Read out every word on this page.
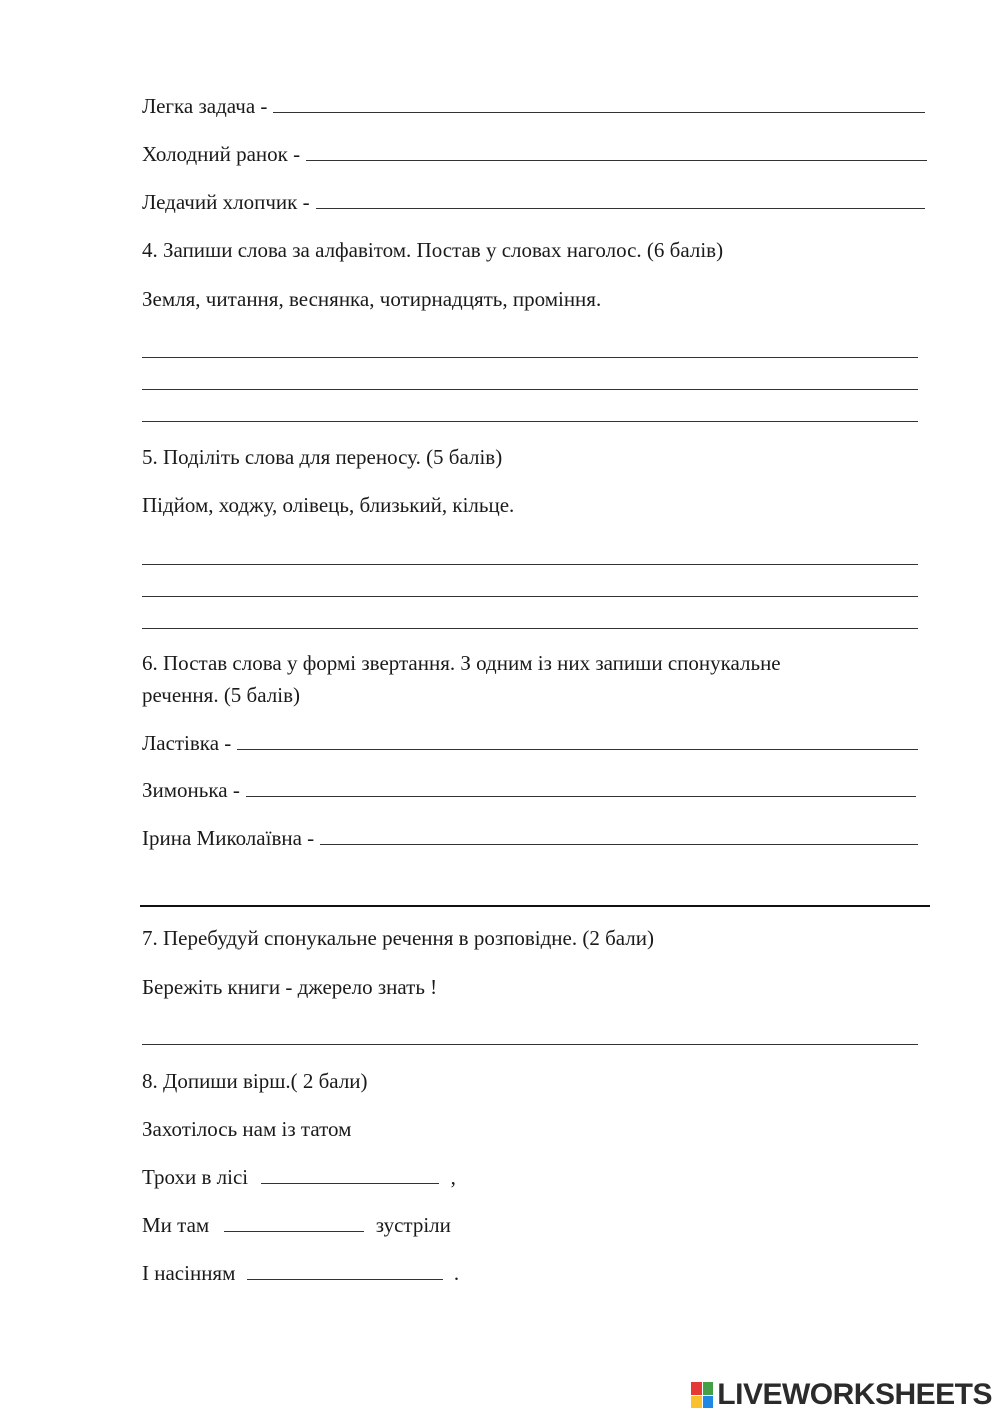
Легка задача -
Холодний ранок -
Ледачий хлопчик -
4. Запиши слова за алфавітом. Постав у словах наголос. (6 балів)
Земля, читання, веснянка, чотирнадцять, проміння.
5. Поділіть слова для переносу. (5 балів)
Підйом, ходжу, олівець, близький, кільце.
6. Постав слова у формі звертання. З одним із них запиши спонукальне
речення. (5 балів)
Ластівка -
Зимонька -
Ірина Миколаївна -
7. Перебудуй спонукальне речення в розповідне. (2 бали)
Бережіть книги - джерело знать !
8. Допиши вірш.( 2 бали)
Захотілось нам із татом
Трохи в лісі	,
Ми там	зустріли
І насінням	.
LIVEWORKSHEETS
